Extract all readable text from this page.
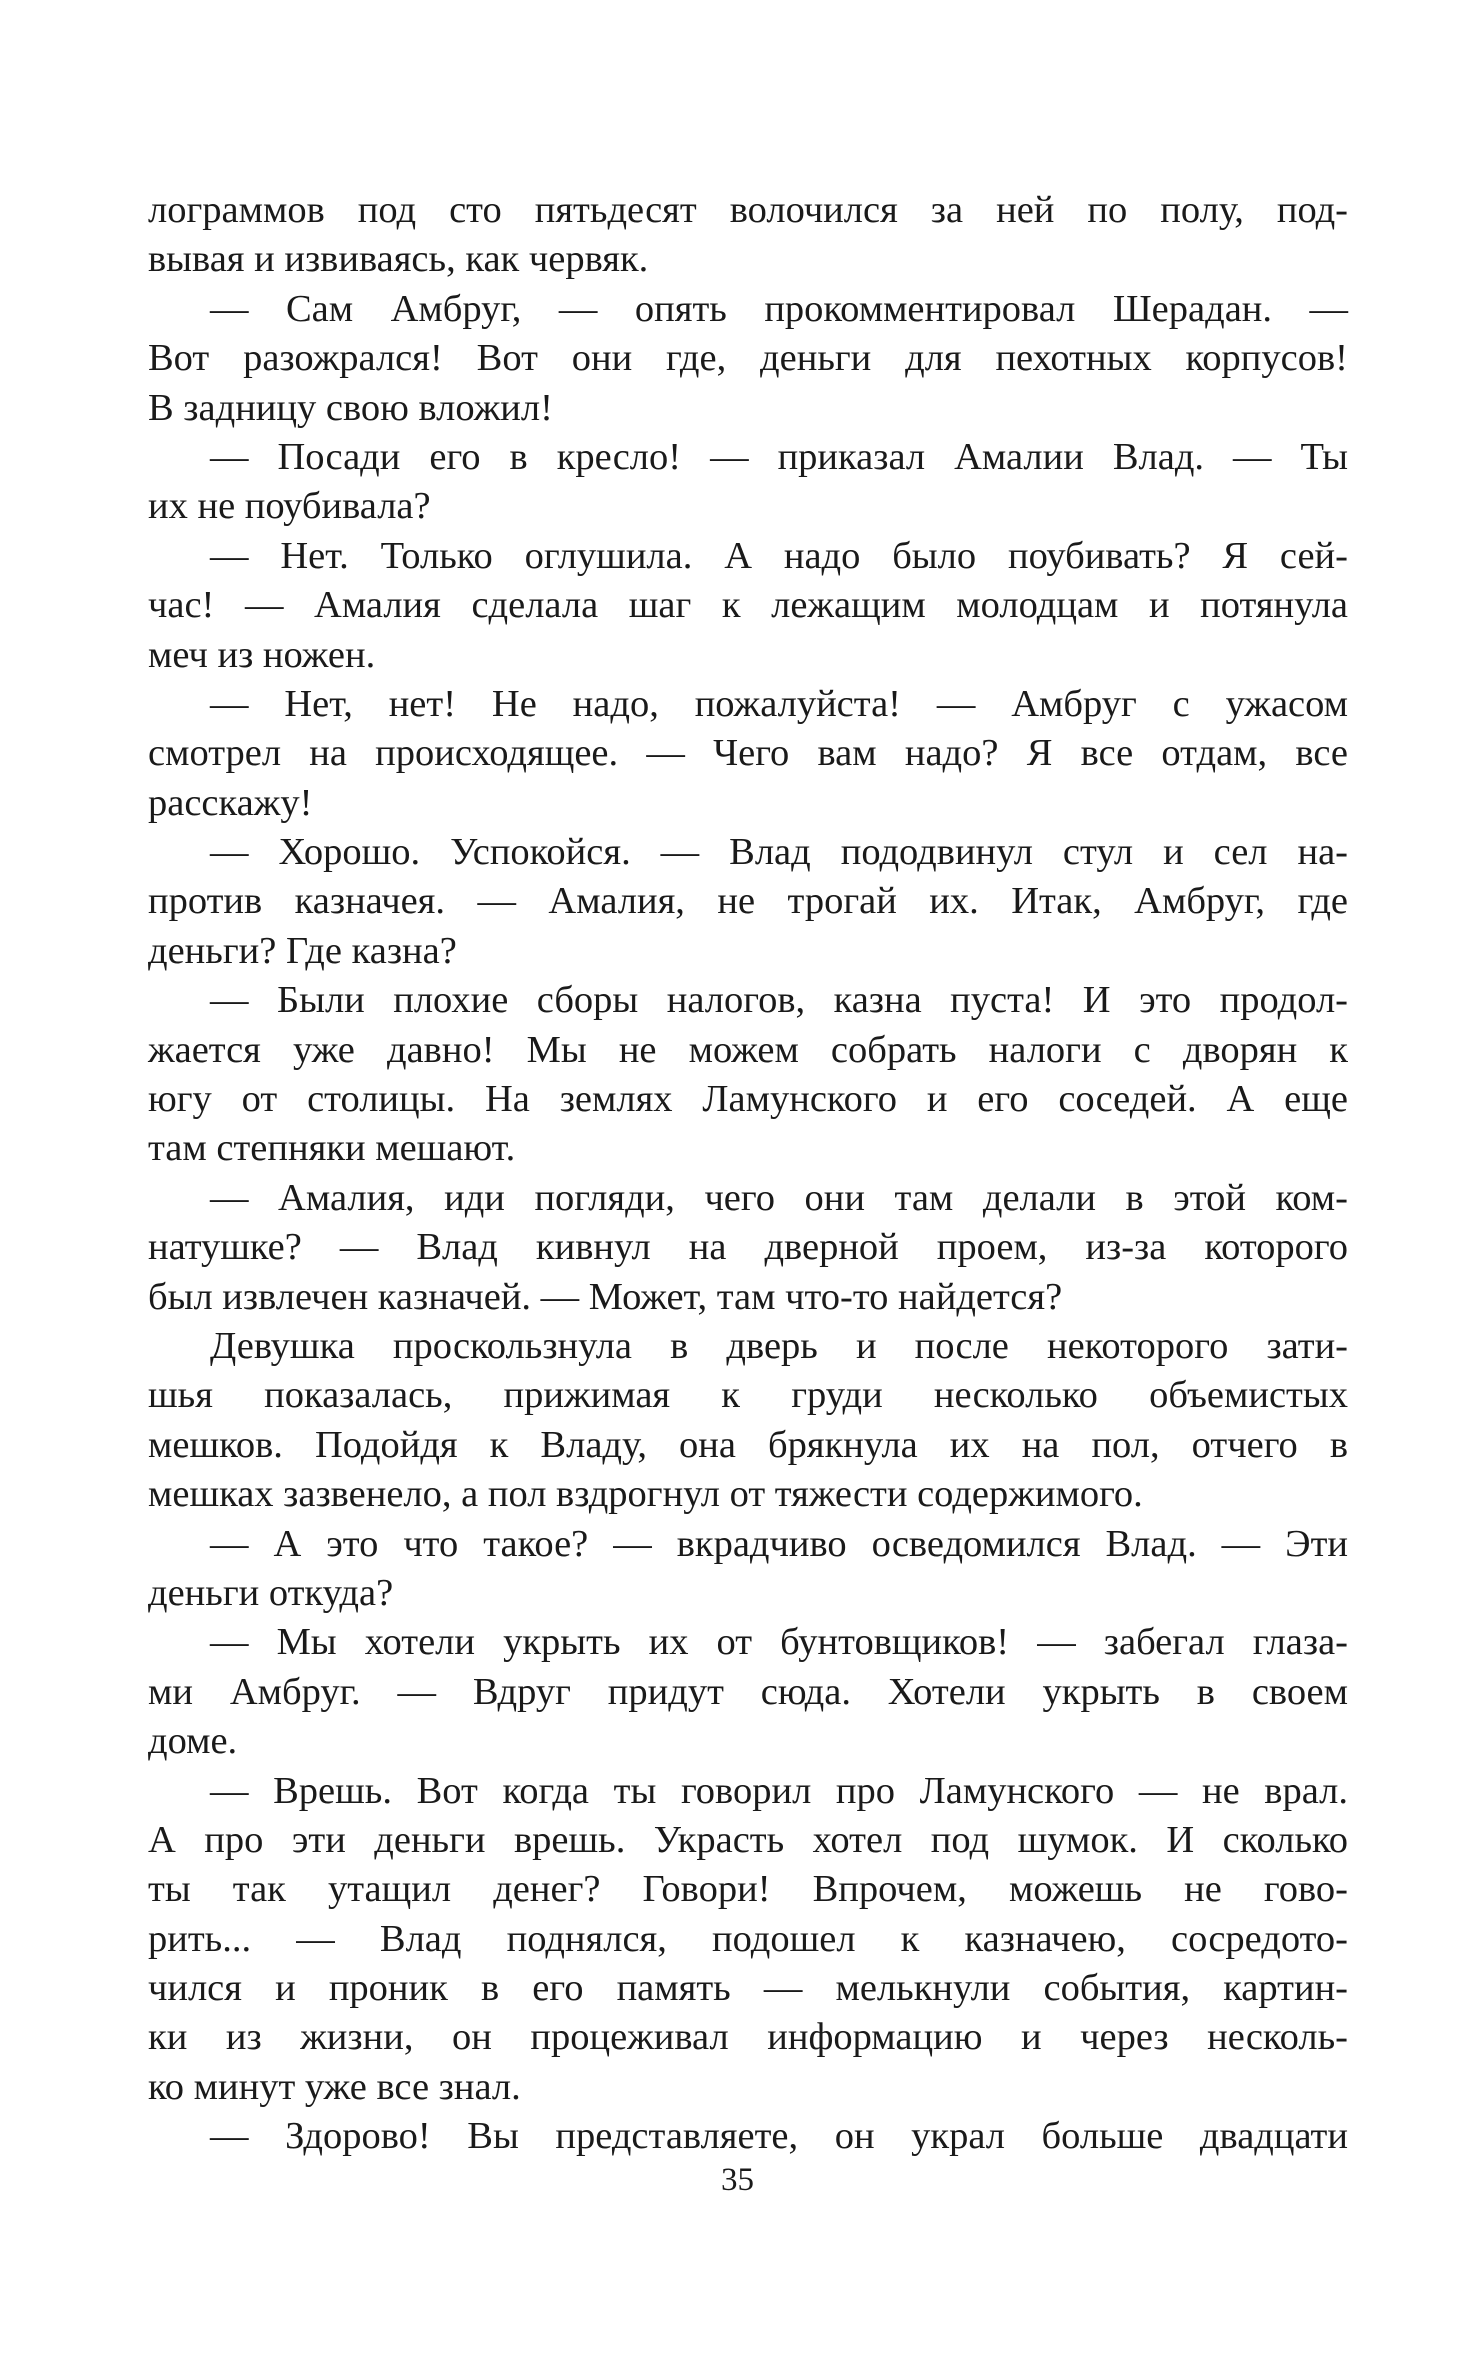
лограммов под сто пятьдесят волочился за ней по полу, под-
вывая и извиваясь, как червяк.
— Сам Амбруг, — опять прокомментировал Шерадан. —
Вот разожрался! Вот они где, деньги для пехотных корпусов!
В задницу свою вложил!
— Посади его в кресло! — приказал Амалии Влад. — Ты
их не поубивала?
— Нет. Только оглушила. А надо было поубивать? Я сей-
час! — Амалия сделала шаг к лежащим молодцам и потянула
меч из ножен.
— Нет, нет! Не надо, пожалуйста! — Амбруг с ужасом
смотрел на происходящее. — Чего вам надо? Я все отдам, все
расскажу!
— Хорошо. Успокойся. — Влад пододвинул стул и сел на-
против казначея. — Амалия, не трогай их. Итак, Амбруг, где
деньги? Где казна?
— Были плохие сборы налогов, казна пуста! И это продол-
жается уже давно! Мы не можем собрать налоги с дворян к
югу от столицы. На землях Ламунского и его соседей. А еще
там степняки мешают.
— Амалия, иди погляди, чего они там делали в этой ком-
натушке? — Влад кивнул на дверной проем, из-за которого
был извлечен казначей. — Может, там что-то найдется?
Девушка проскользнула в дверь и после некоторого зати-
шья показалась, прижимая к груди несколько объемистых
мешков. Подойдя к Владу, она брякнула их на пол, отчего в
мешках зазвенело, а пол вздрогнул от тяжести содержимого.
— А это что такое? — вкрадчиво осведомился Влад. — Эти
деньги откуда?
— Мы хотели укрыть их от бунтовщиков! — забегал глаза-
ми Амбруг. — Вдруг придут сюда. Хотели укрыть в своем
доме.
— Врешь. Вот когда ты говорил про Ламунского — не врал.
А про эти деньги врешь. Украсть хотел под шумок. И сколько
ты так утащил денег? Говори! Впрочем, можешь не гово-
рить... — Влад поднялся, подошел к казначею, сосредото-
чился и проник в его память — мелькнули события, картин-
ки из жизни, он процеживал информацию и через несколь-
ко минут уже все знал.
— Здорово! Вы представляете, он украл больше двадцати
35
